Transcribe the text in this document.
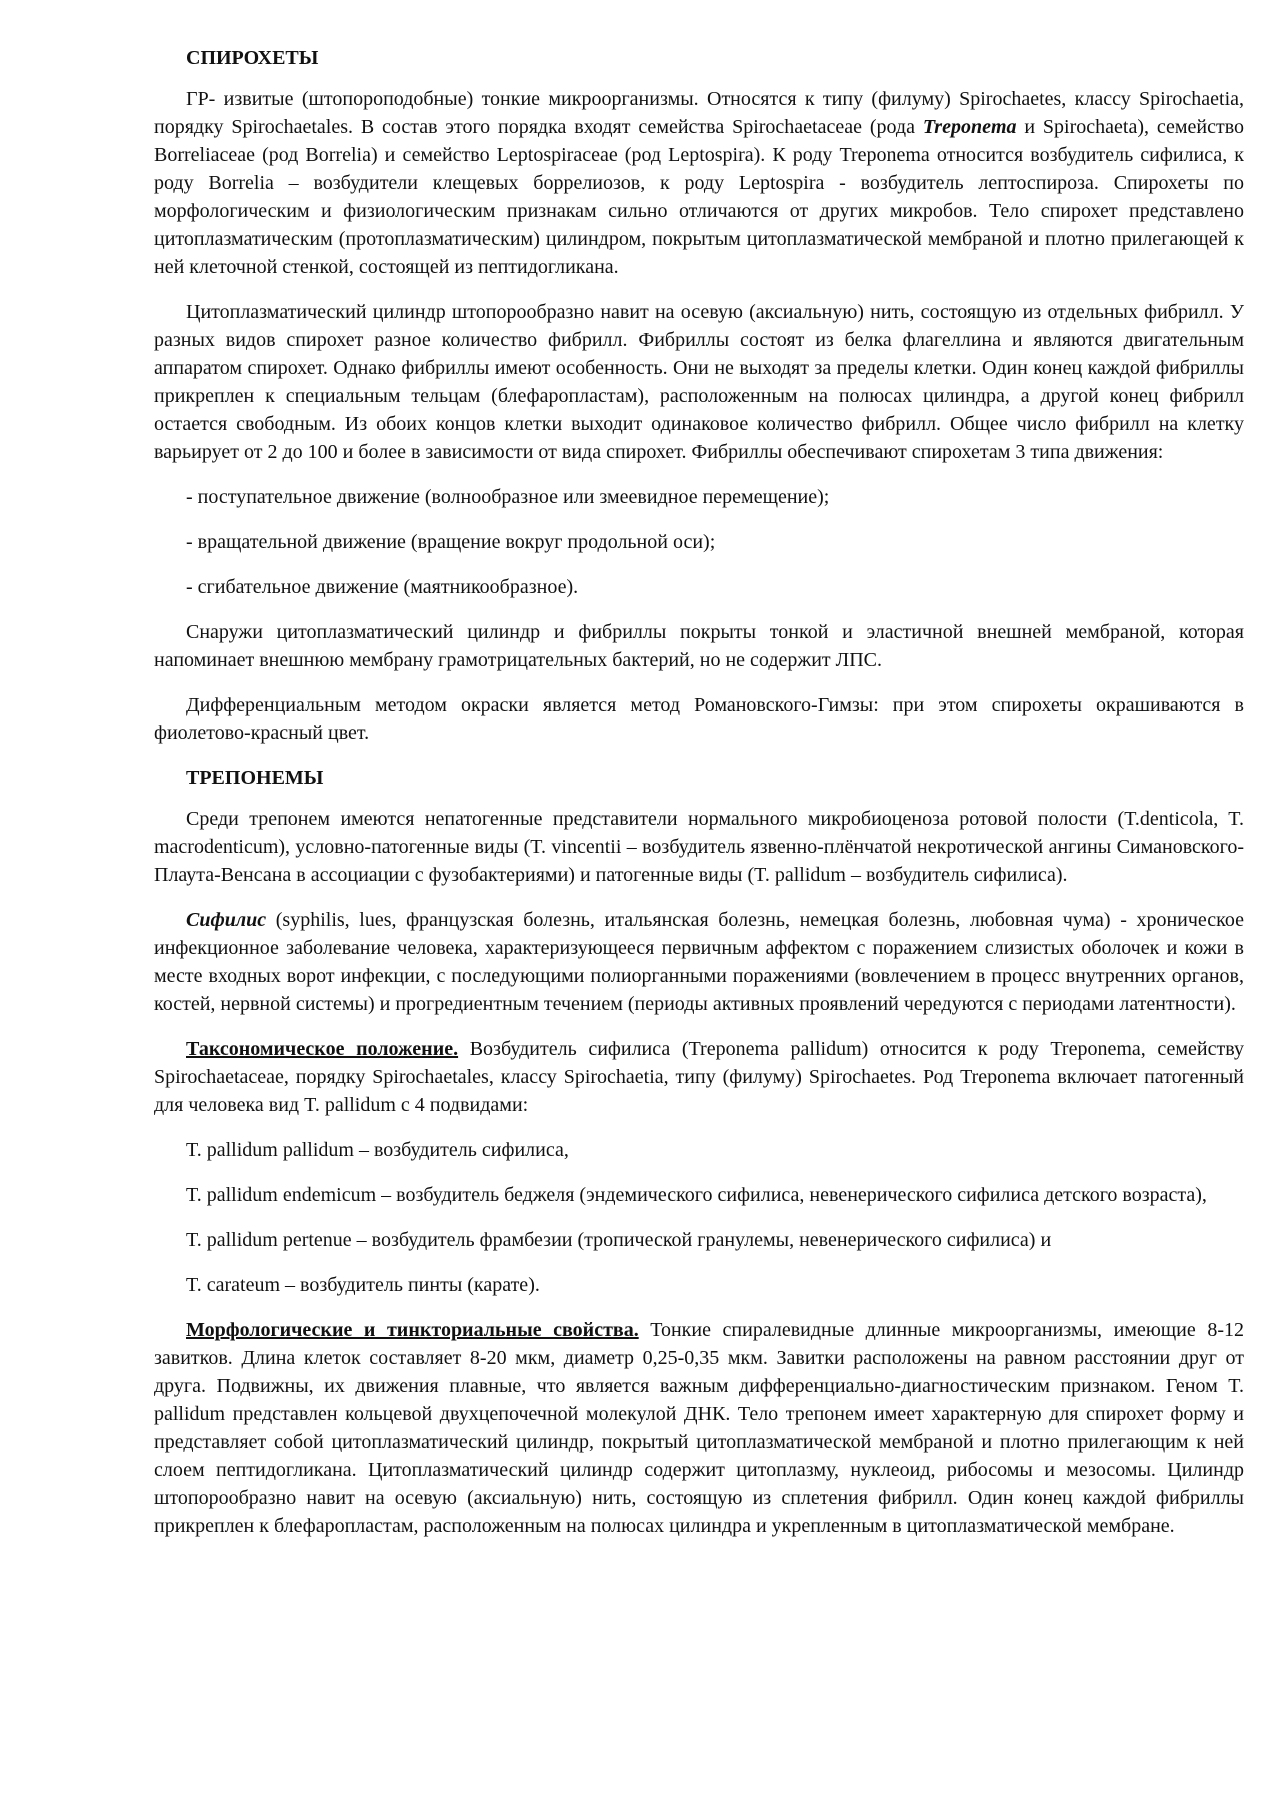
СПИРОХЕТЫ

ГР- извитые (штопороподобные) тонкие микроорганизмы. Относятся к типу (филуму) Spirochaetes, классу Spirochaetia, порядку Spirochaetales. В состав этого порядка входят семейства Spirochaetaceae (рода Treponema и Spirochaeta), семейство Borreliaceae (род Borrelia) и семейство Leptospiraceae (род Leptospira). К роду Treponema относится возбудитель сифилиса, к роду Borrelia – возбудители клещевых боррелиозов, к роду Leptospira - возбудитель лептоспироза. Спирохеты по морфологическим и физиологическим признакам сильно отличаются от других микробов. Тело спирохет представлено цитоплазматическим (протоплазматическим) цилиндром, покрытым цитоплазматической мембраной и плотно прилегающей к ней клеточной стенкой, состоящей из пептидогликана.

Цитоплазматический цилиндр штопорообразно навит на осевую (аксиальную) нить, состоящую из отдельных фибрилл. У разных видов спирохет разное количество фибрилл. Фибриллы состоят из белка флагеллина и являются двигательным аппаратом спирохет. Однако фибриллы имеют особенность. Они не выходят за пределы клетки. Один конец каждой фибриллы прикреплен к специальным тельцам (блефаропластам), расположенным на полюсах цилиндра, а другой конец фибрилл остается свободным. Из обоих концов клетки выходит одинаковое количество фибрилл. Общее число фибрилл на клетку варьирует от 2 до 100 и более в зависимости от вида спирохет. Фибриллы обеспечивают спирохетам 3 типа движения:

- поступательное движение (волнообразное или змеевидное перемещение);

- вращательной движение (вращение вокруг продольной оси);

- сгибательное движение (маятникообразное).

Снаружи цитоплазматический цилиндр и фибриллы покрыты тонкой и эластичной внешней мембраной, которая напоминает внешнюю мембрану грамотрицательных бактерий, но не содержит ЛПС.

Дифференциальным методом окраски является метод Романовского-Гимзы: при этом спирохеты окрашиваются в фиолетово-красный цвет.

ТРЕПОНЕМЫ

Среди трепонем имеются непатогенные представители нормального микробиоценоза ротовой полости (T.denticola, T. macrodenticum), условно-патогенные виды (T. vincentii – возбудитель язвенно-плёнчатой некротической ангины Симановского-Плаута-Венсана в ассоциации с фузобактериями) и патогенные виды (T. pallidum – возбудитель сифилиса).

Сифилис (syphilis, lues, французская болезнь, итальянская болезнь, немецкая болезнь, любовная чума) - хроническое инфекционное заболевание человека, характеризующееся первичным аффектом с поражением слизистых оболочек и кожи в месте входных ворот инфекции, с последующими полиорганными поражениями (вовлечением в процесс внутренних органов, костей, нервной системы) и прогредиентным течением (периоды активных проявлений чередуются с периодами латентности).

Таксономическое положение. Возбудитель сифилиса (Treponema pallidum) относится к роду Treponema, семейству Spirochaetaceae, порядку Spirochaetales, классу Spirochaetia, типу (филуму) Spirochaetes. Род Treponema включает патогенный для человека вид T. pallidum с 4 подвидами:

T. pallidum pallidum – возбудитель сифилиса,

T. pallidum endemicum – возбудитель беджеля (эндемического сифилиса, невенерического сифилиса детского возраста),

T. pallidum pertenue – возбудитель фрамбезии (тропической гранулемы, невенерического сифилиса) и

T. carateum – возбудитель пинты (карате).

Морфологические и тинкториальные свойства. Тонкие спиралевидные длинные микроорганизмы, имеющие 8-12 завитков. Длина клеток составляет 8-20 мкм, диаметр 0,25-0,35 мкм. Завитки расположены на равном расстоянии друг от друга. Подвижны, их движения плавные, что является важным дифференциально-диагностическим признаком. Геном T. pallidum представлен кольцевой двухцепочечной молекулой ДНК. Тело трепонем имеет характерную для спирохет форму и представляет собой цитоплазматический цилиндр, покрытый цитоплазматической мембраной и плотно прилегающим к ней слоем пептидогликана. Цитоплазматический цилиндр содержит цитоплазму, нуклеоид, рибосомы и мезосомы. Цилиндр штопорообразно навит на осевую (аксиальную) нить, состоящую из сплетения фибрилл. Один конец каждой фибриллы прикреплен к блефаропластам, расположенным на полюсах цилиндра и укрепленным в цитоплазматической мембране.
